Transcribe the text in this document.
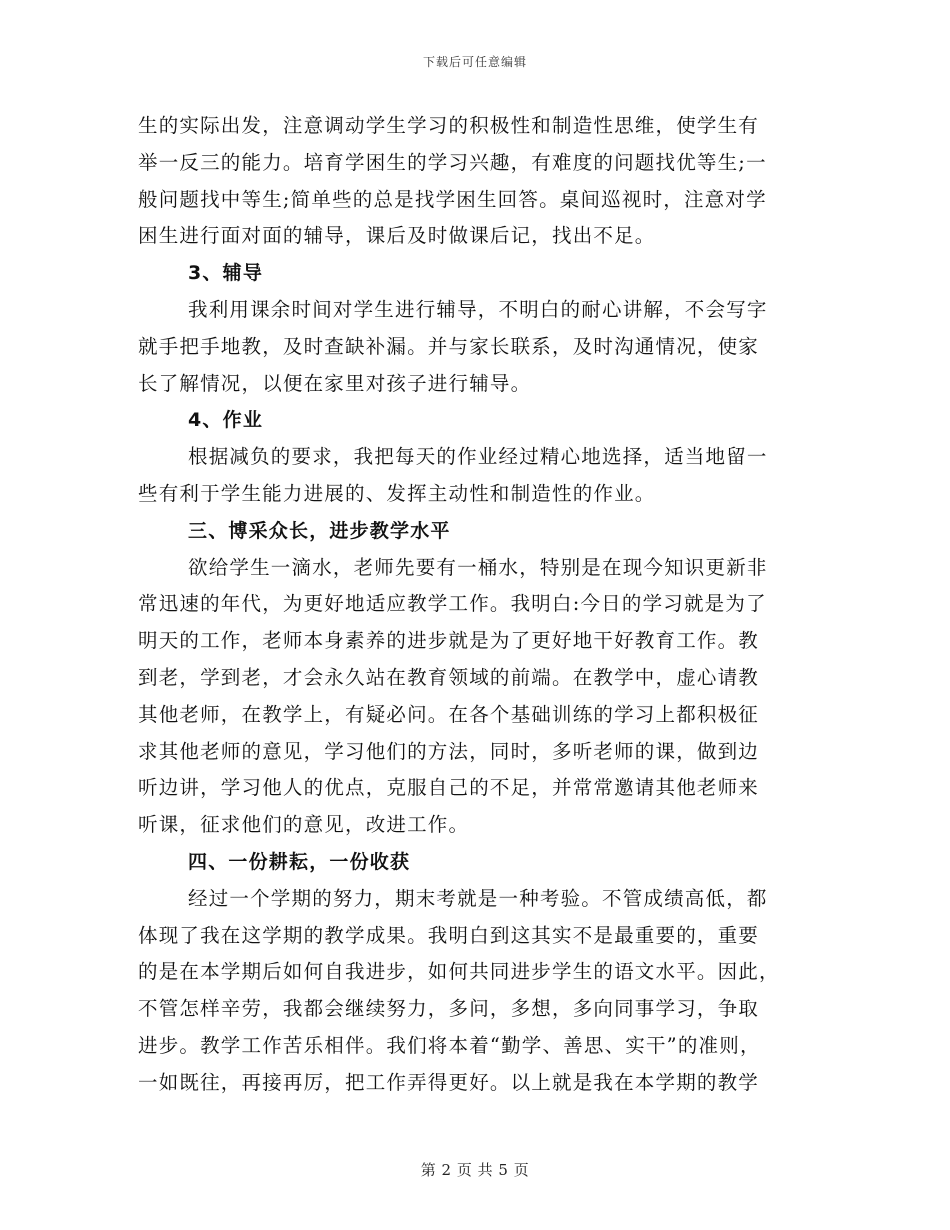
下载后可任意编辑
生的实际出发，注意调动学生学习的积极性和制造性思维，使学生有
举一反三的能力。培育学困生的学习兴趣，有难度的问题找优等生;一
般问题找中等生;简单些的总是找学困生回答。桌间巡视时，注意对学
困生进行面对面的辅导，课后及时做课后记，找出不足。
3、辅导
我利用课余时间对学生进行辅导，不明白的耐心讲解，不会写字
就手把手地教，及时查缺补漏。并与家长联系，及时沟通情况，使家
长了解情况，以便在家里对孩子进行辅导。
4、作业
根据减负的要求，我把每天的作业经过精心地选择，适当地留一
些有利于学生能力进展的、发挥主动性和制造性的作业。
三、博采众长，进步教学水平
欲给学生一滴水，老师先要有一桶水，特别是在现今知识更新非
常迅速的年代，为更好地适应教学工作。我明白:今日的学习就是为了
明天的工作，老师本身素养的进步就是为了更好地干好教育工作。教
到老，学到老，才会永久站在教育领域的前端。在教学中，虚心请教
其他老师，在教学上，有疑必问。在各个基础训练的学习上都积极征
求其他老师的意见，学习他们的方法，同时，多听老师的课，做到边
听边讲，学习他人的优点，克服自己的不足，并常常邀请其他老师来
听课，征求他们的意见，改进工作。
四、一份耕耘，一份收获
经过一个学期的努力，期末考就是一种考验。不管成绩高低，都
体现了我在这学期的教学成果。我明白到这其实不是最重要的，重要
的是在本学期后如何自我进步，如何共同进步学生的语文水平。因此，
不管怎样辛劳，我都会继续努力，多问，多想，多向同事学习，争取
进步。教学工作苦乐相伴。我们将本着“勤学、善思、实干”的准则，
一如既往，再接再厉，把工作弄得更好。以上就是我在本学期的教学
第 2 页 共 5 页
